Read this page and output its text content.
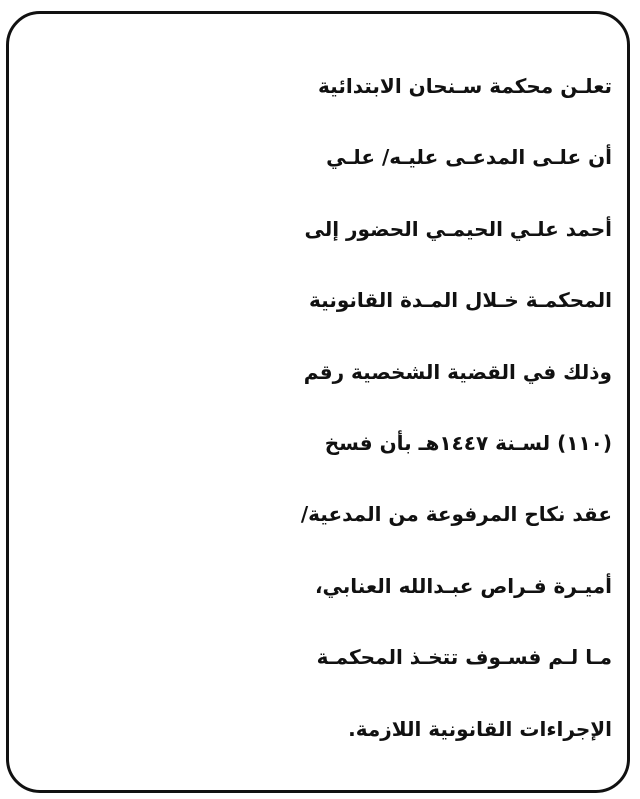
تعلـن محكمة سـنحان الابتدائية
أن علـى المدعـى عليـه/ علـي
أحمد علـي الحيمـي الحضور إلى
المحكمـة خـلال المـدة القانونية
وذلك في القضية الشخصية رقم
(١١٠) لسـنة ١٤٤٧هـ بأن فسخ
عقد نكاح المرفوعة من المدعية/
أميـرة فـراص عبـدالله العنابي،
مـا لـم فسـوف تتخـذ المحكمـة
الإجراءات القانونية اللازمة.
